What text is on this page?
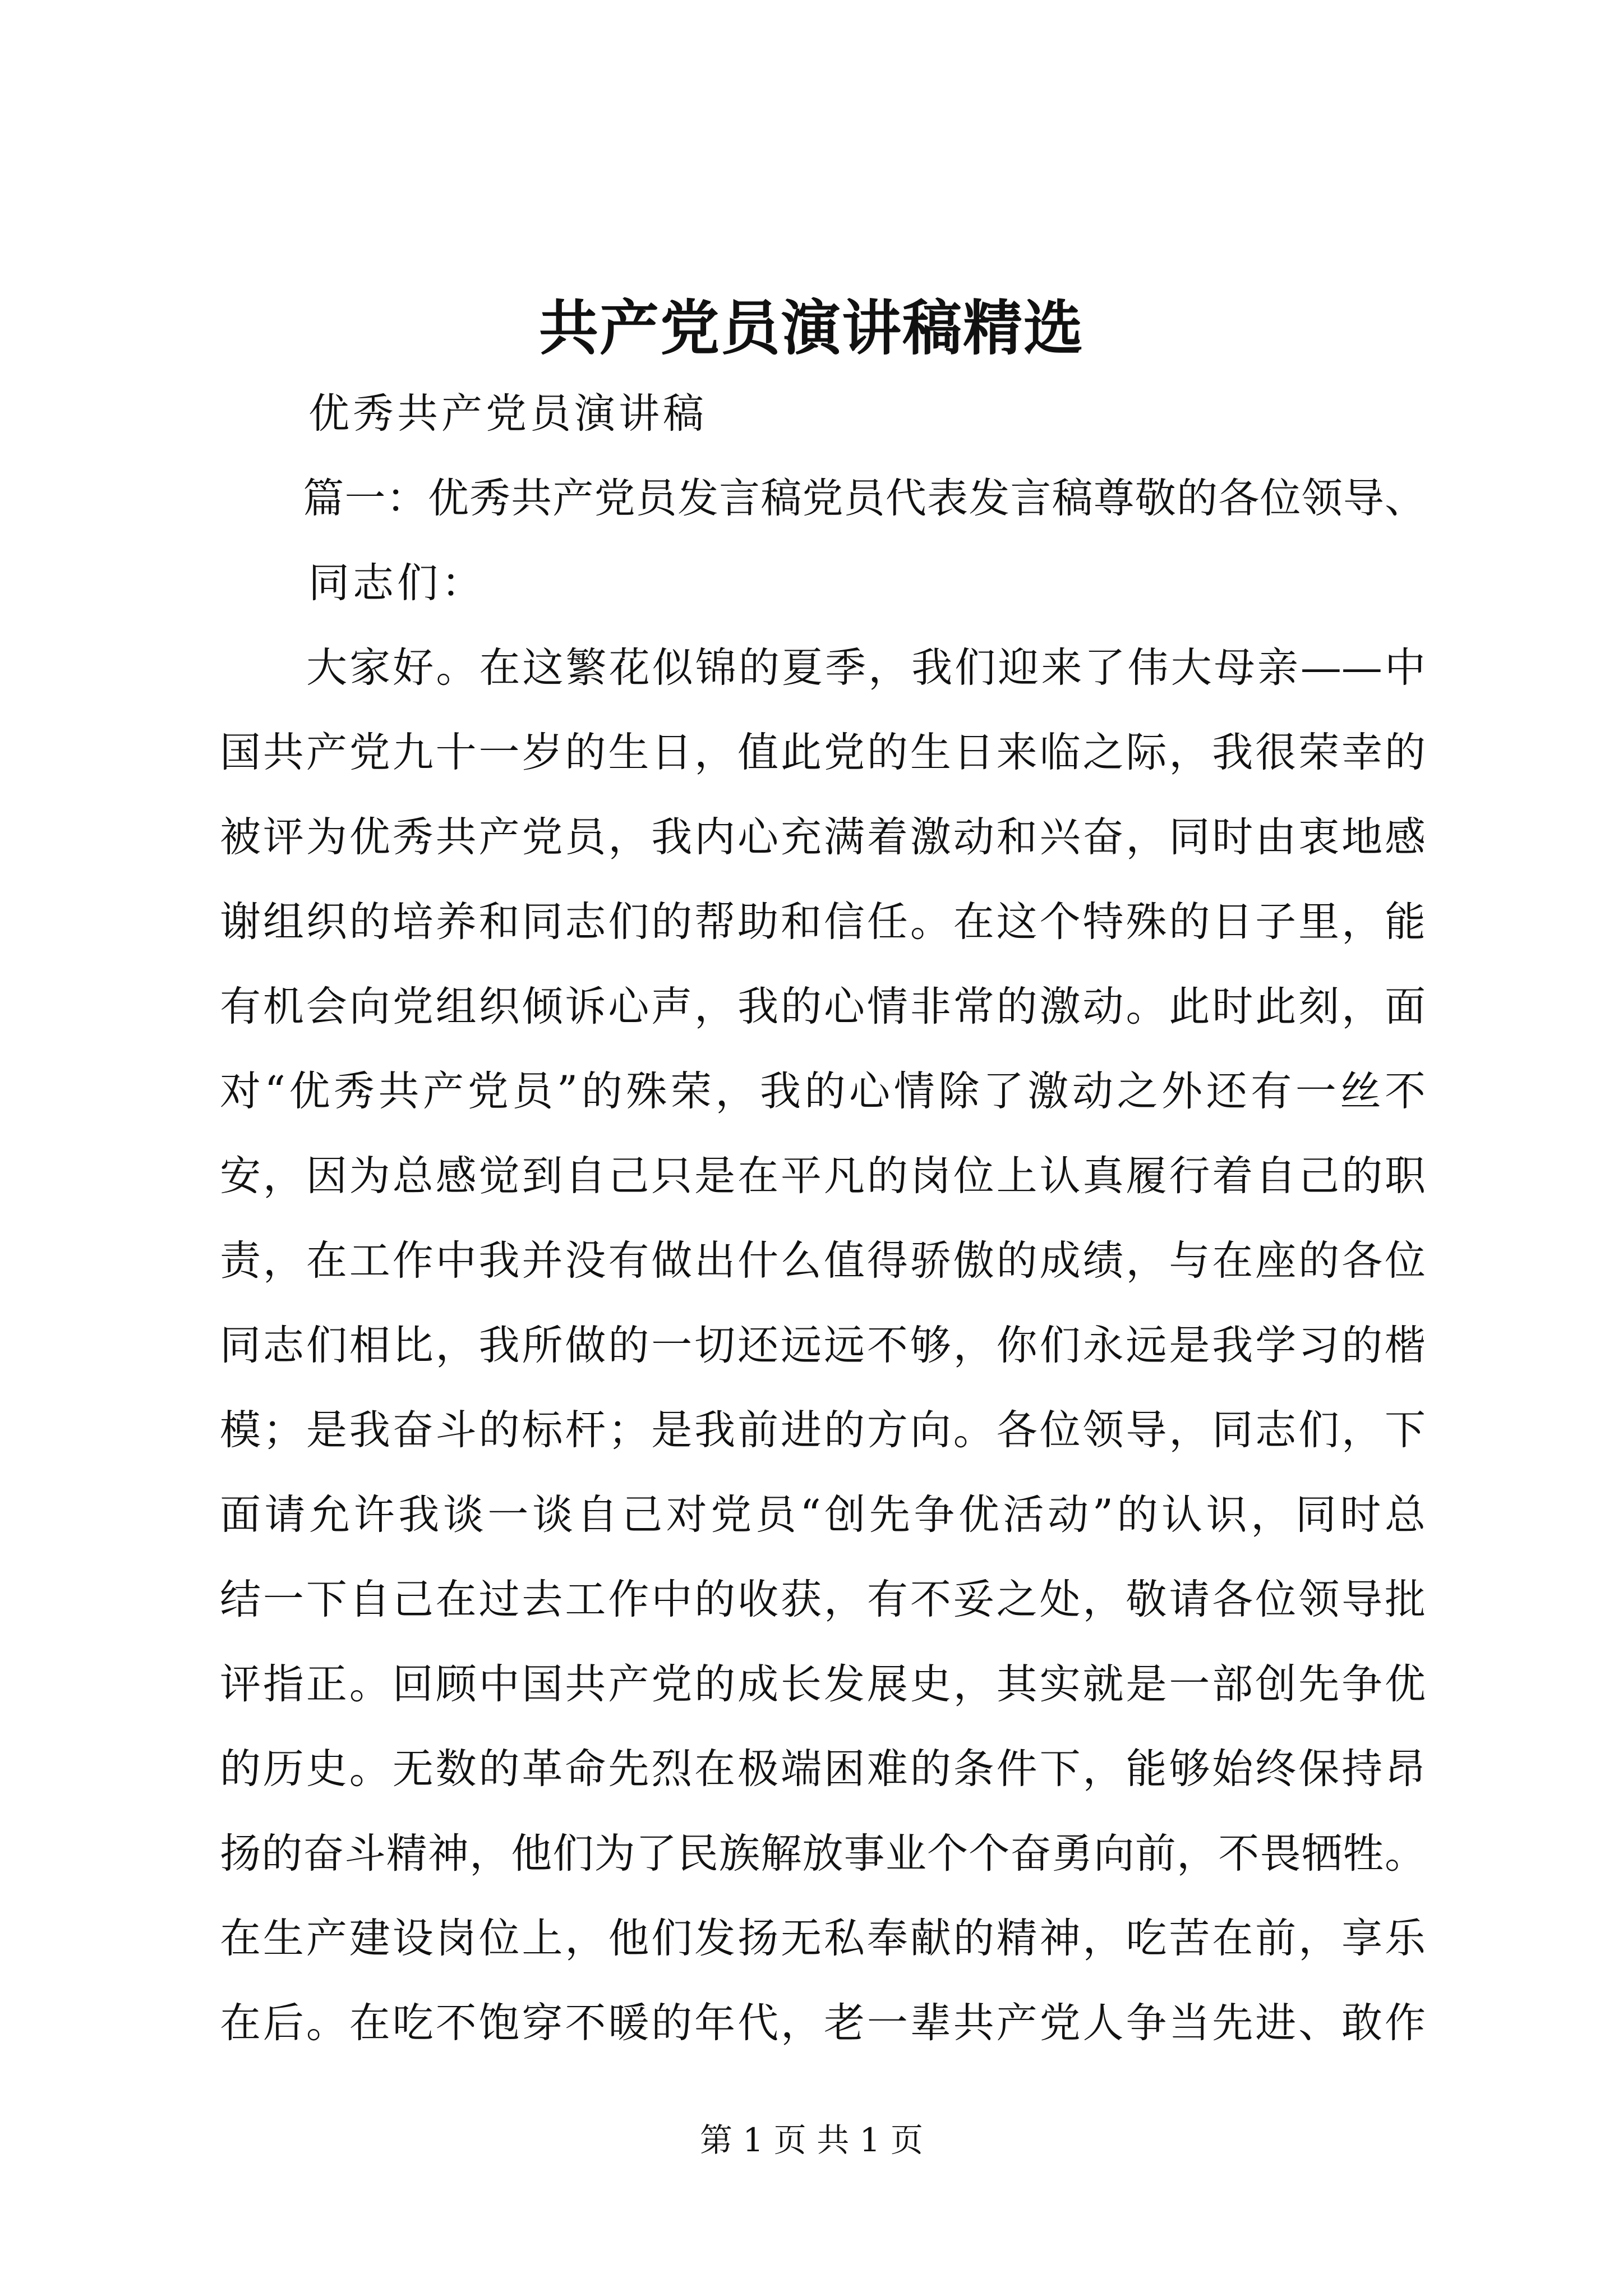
共产党员演讲稿精选
　　优秀共产党员演讲稿
　　篇一：优秀共产党员发言稿党员代表发言稿尊敬的各位领导、
　　同志们：
　　大家好。在这繁花似锦的夏季，我们迎来了伟大母亲——中
国共产党九十一岁的生日，值此党的生日来临之际，我很荣幸的
被评为优秀共产党员，我内心充满着激动和兴奋，同时由衷地感
谢组织的培养和同志们的帮助和信任。在这个特殊的日子里，能
有机会向党组织倾诉心声，我的心情非常的激动。此时此刻，面
对“优秀共产党员”的殊荣，我的心情除了激动之外还有一丝不
安，因为总感觉到自己只是在平凡的岗位上认真履行着自己的职
责，在工作中我并没有做出什么值得骄傲的成绩，与在座的各位
同志们相比，我所做的一切还远远不够，你们永远是我学习的楷
模；是我奋斗的标杆；是我前进的方向。各位领导，同志们，下
面请允许我谈一谈自己对党员“创先争优活动”的认识，同时总
结一下自己在过去工作中的收获，有不妥之处，敬请各位领导批
评指正。回顾中国共产党的成长发展史，其实就是一部创先争优
的历史。无数的革命先烈在极端困难的条件下，能够始终保持昂
扬的奋斗精神，他们为了民族解放事业个个奋勇向前，不畏牺牲。
在生产建设岗位上，他们发扬无私奉献的精神，吃苦在前，享乐
在后。在吃不饱穿不暖的年代，老一辈共产党人争当先进、敢作
第 1 页 共 1 页
